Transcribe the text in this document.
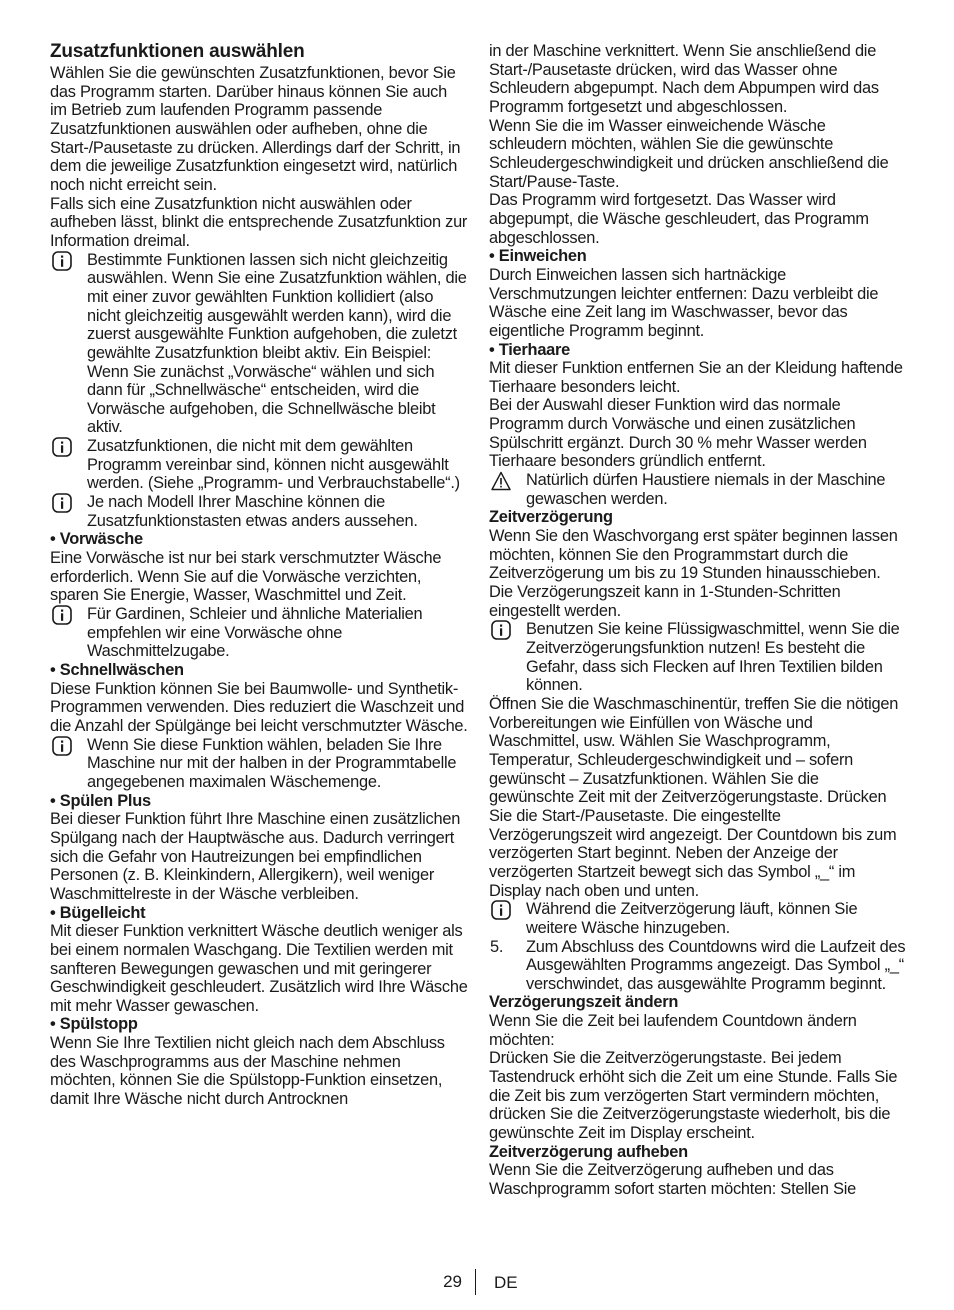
Zusatzfunktionen auswählen
Wählen Sie die gewünschten Zusatzfunktionen, bevor Sie das Programm starten. Darüber hinaus können Sie auch im Betrieb zum laufenden Programm passende Zusatzfunktionen auswählen oder aufheben, ohne die Start-/Pausetaste zu drücken. Allerdings darf der Schritt, in dem die jeweilige Zusatzfunktion eingesetzt wird, natürlich noch nicht erreicht sein.
Falls sich eine Zusatzfunktion nicht auswählen oder aufheben lässt, blinkt die entsprechende Zusatzfunktion zur Information dreimal.
Bestimmte Funktionen lassen sich nicht gleichzeitig auswählen. Wenn Sie eine Zusatzfunktion wählen, die mit einer zuvor gewählten Funktion kollidiert (also nicht gleichzeitig ausgewählt werden kann), wird die zuerst ausgewählte Funktion aufgehoben, die zuletzt gewählte Zusatzfunktion bleibt aktiv. Ein Beispiel: Wenn Sie zunächst „Vorwäsche“ wählen und sich dann für „Schnellwäsche“ entscheiden, wird die Vorwäsche aufgehoben, die Schnellwäsche bleibt aktiv.
Zusatzfunktionen, die nicht mit dem gewählten Programm vereinbar sind, können nicht ausgewählt werden. (Siehe „Programm- und Verbrauchstabelle“.)
Je nach Modell Ihrer Maschine können die Zusatzfunktionstasten etwas anders aussehen.
• Vorwäsche
Eine Vorwäsche ist nur bei stark verschmutzter Wäsche erforderlich. Wenn Sie auf die Vorwäsche verzichten, sparen Sie Energie, Wasser, Waschmittel und Zeit.
Für Gardinen, Schleier und ähnliche Materialien empfehlen wir eine Vorwäsche ohne Waschmittelzugabe.
• Schnellwäschen
Diese Funktion können Sie bei Baumwolle- und Synthetik-Programmen verwenden. Dies reduziert die Waschzeit und die Anzahl der Spülgänge bei leicht verschmutzter Wäsche.
Wenn Sie diese Funktion wählen, beladen Sie Ihre Maschine nur mit der halben in der Programmtabelle angegebenen maximalen Wäschemenge.
• Spülen Plus
Bei dieser Funktion führt Ihre Maschine einen zusätzlichen Spülgang nach der Hauptwäsche aus. Dadurch verringert sich die Gefahr von Hautreizungen bei empfindlichen Personen (z. B. Kleinkindern, Allergikern), weil weniger Waschmittelreste in der Wäsche verbleiben.
• Bügelleicht
Mit dieser Funktion verknittert Wäsche deutlich weniger als bei einem normalen Waschgang. Die Textilien werden mit sanfteren Bewegungen gewaschen und mit geringerer Geschwindigkeit geschleudert. Zusätzlich wird Ihre Wäsche mit mehr Wasser gewaschen.
• Spülstopp
Wenn Sie Ihre Textilien nicht gleich nach dem Abschluss des Waschprogramms aus der Maschine nehmen möchten, können Sie die Spülstopp-Funktion einsetzen, damit Ihre Wäsche nicht durch Antrocknen
in der Maschine verknittert. Wenn Sie anschließend die Start-/Pausetaste drücken, wird das Wasser ohne Schleudern abgepumpt. Nach dem Abpumpen wird das Programm fortgesetzt und abgeschlossen.
Wenn Sie die im Wasser einweichende Wäsche schleudern möchten, wählen Sie die gewünschte Schleudergeschwindigkeit und drücken anschließend die Start/Pause-Taste.
Das Programm wird fortgesetzt. Das Wasser wird abgepumpt, die Wäsche geschleudert, das Programm abgeschlossen.
• Einweichen
Durch Einweichen lassen sich hartnäckige Verschmutzungen leichter entfernen: Dazu verbleibt die Wäsche eine Zeit lang im Waschwasser, bevor das eigentliche Programm beginnt.
• Tierhaare
Mit dieser Funktion entfernen Sie an der Kleidung haftende Tierhaare besonders leicht.
Bei der Auswahl dieser Funktion wird das normale Programm durch Vorwäsche und einen zusätzlichen Spülschritt ergänzt. Durch 30 % mehr Wasser werden Tierhaare besonders gründlich entfernt.
Natürlich dürfen Haustiere niemals in der Maschine gewaschen werden.
Zeitverzögerung
Wenn Sie den Waschvorgang erst später beginnen lassen möchten, können Sie den Programmstart durch die Zeitverzögerung um bis zu 19 Stunden hinausschieben. Die Verzögerungszeit kann in 1-Stunden-Schritten eingestellt werden.
Benutzen Sie keine Flüssigwaschmittel, wenn Sie die Zeitverzögerungsfunktion nutzen! Es besteht die Gefahr, dass sich Flecken auf Ihren Textilien bilden können.
Öffnen Sie die Waschmaschinentür, treffen Sie die nötigen Vorbereitungen wie Einfüllen von Wäsche und Waschmittel, usw. Wählen Sie Waschprogramm, Temperatur, Schleudergeschwindigkeit und – sofern gewünscht – Zusatzfunktionen. Wählen Sie die gewünschte Zeit mit der Zeitverzögerungstaste. Drücken Sie die Start-/Pausetaste. Die eingestellte Verzögerungszeit wird angezeigt. Der Countdown bis zum verzögerten Start beginnt. Neben der Anzeige der verzögerten Startzeit bewegt sich das Symbol „_“ im Display nach oben und unten.
Während die Zeitverzögerung läuft, können Sie weitere Wäsche hinzugeben.
5. Zum Abschluss des Countdowns wird die Laufzeit des Ausgewählten Programms angezeigt. Das Symbol „_“ verschwindet, das ausgewählte Programm beginnt.
Verzögerungszeit ändern
Wenn Sie die Zeit bei laufendem Countdown ändern möchten:
Drücken Sie die Zeitverzögerungstaste. Bei jedem Tastendruck erhöht sich die Zeit um eine Stunde. Falls Sie die Zeit bis zum verzögerten Start vermindern möchten, drücken Sie die Zeitverzögerungstaste wiederholt, bis die gewünschte Zeit im Display erscheint.
Zeitverzögerung aufheben
Wenn Sie die Zeitverzögerung aufheben und das Waschprogramm sofort starten möchten: Stellen Sie
29 DE
